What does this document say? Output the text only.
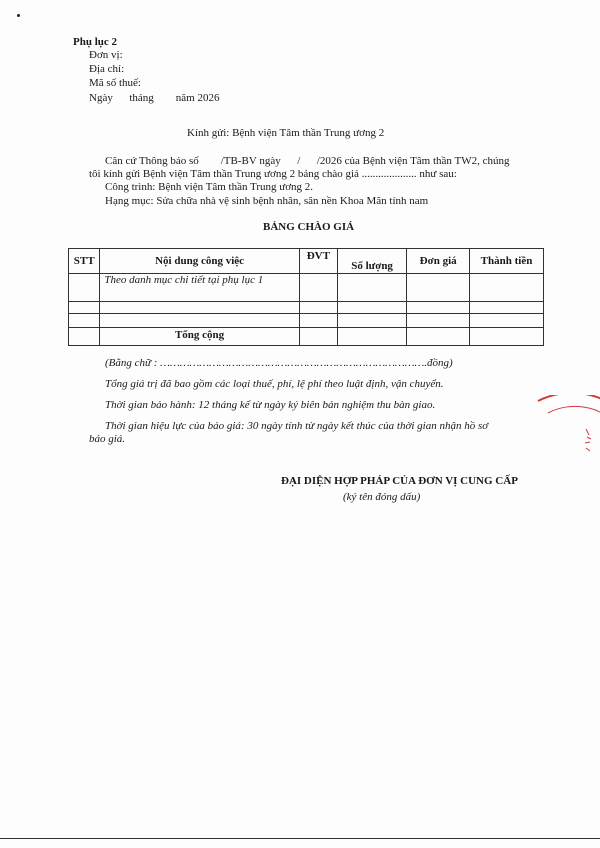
Phụ lục 2
Đơn vị:
Địa chỉ:
Mã số thuế:
Ngày      tháng        năm 2026
Kính gửi: Bệnh viện Tâm thần Trung ương 2
Căn cứ Thông báo số        /TB-BV ngày      /      /2026 của Bệnh viện Tâm thần TW2, chúng
tôi kính gửi Bệnh viện Tâm thần Trung ương 2 bảng chào giá .................... như sau:
Công trình: Bệnh viện Tâm thần Trung ương 2.
Hạng mục: Sửa chữa nhà vệ sinh bệnh nhân, sân nền Khoa Mãn tính nam
BẢNG CHÀO GIÁ
STT	Nội dung công việc	ĐVT	Số lượng	Đơn giá	Thành tiền
	Theo danh mục chi tiết tại phụ lục 1				

	Tổng cộng				
(Bằng chữ : ……………………………………………………………………….đồng)
Tổng giá trị đã bao gồm các loại thuế, phí, lệ phí theo luật định, vận chuyển.
Thời gian bảo hành: 12 tháng kể từ ngày ký biên bản nghiệm thu bàn giao.
Thời gian hiệu lực của báo giá: 30 ngày tính từ ngày kết thúc của thời gian nhận hồ sơ
báo giá.
ĐẠI DIỆN HỢP PHÁP CỦA ĐƠN VỊ CUNG CẤP
(ký tên đóng dấu)
